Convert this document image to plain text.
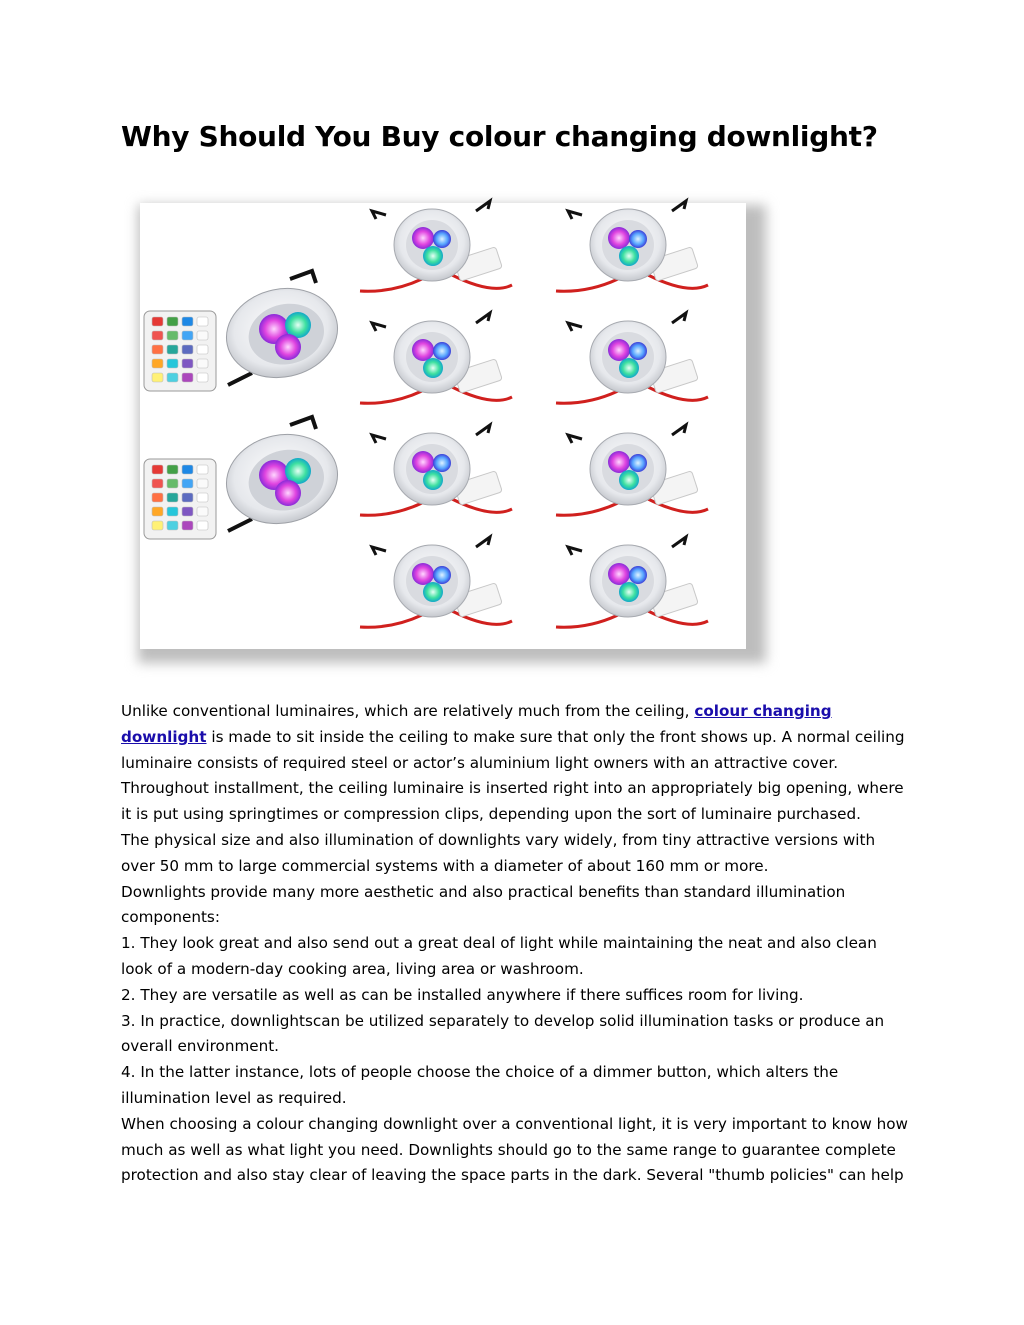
Why Should You Buy colour changing downlight?

Unlike conventional luminaires, which are relatively much from the ceiling, colour changing downlight is made to sit inside the ceiling to make sure that only the front shows up. A normal ceiling luminaire consists of required steel or actor’s aluminium light owners with an attractive cover. Throughout installment, the ceiling luminaire is inserted right into an appropriately big opening, where it is put using springtimes or compression clips, depending upon the sort of luminaire purchased.

The physical size and also illumination of downlights vary widely, from tiny attractive versions with over 50 mm to large commercial systems with a diameter of about 160 mm or more.

Downlights provide many more aesthetic and also practical benefits than standard illumination components:

1. They look great and also send out a great deal of light while maintaining the neat and also clean look of a modern-day cooking area, living area or washroom.

2. They are versatile as well as can be installed anywhere if there suffices room for living.

3. In practice, downlightscan be utilized separately to develop solid illumination tasks or produce an overall environment.

4. In the latter instance, lots of people choose the choice of a dimmer button, which alters the illumination level as required.

When choosing a colour changing downlight over a conventional light, it is very important to know how much as well as what light you need. Downlights should go to the same range to guarantee complete protection and also stay clear of leaving the space parts in the dark. Several "thumb policies" can help
